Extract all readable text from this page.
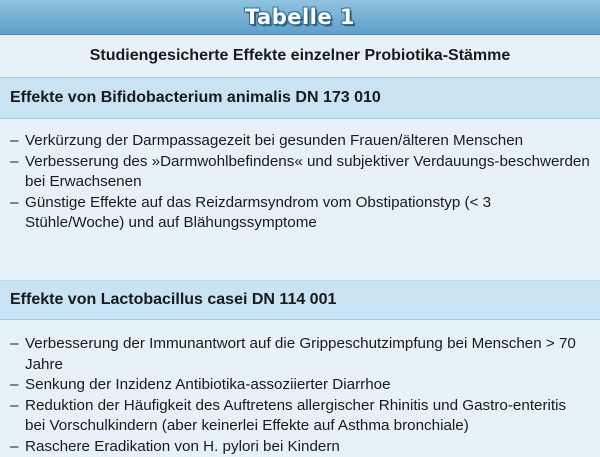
Tabelle 1
Studiengesicherte Effekte einzelner Probiotika-Stämme
Effekte von Bifidobacterium animalis DN 173 010
– Verkürzung der Darmpassagezeit bei gesunden Frauen/älteren Menschen
– Verbesserung des »Darmwohlbefindens« und subjektiver Verdauungs-beschwerden bei Erwachsenen
– Günstige Effekte auf das Reizdarmsyndrom vom Obstipationstyp (< 3 Stühle/Woche) und auf Blähungssymptome
Effekte von Lactobacillus casei DN 114 001
– Verbesserung der Immunantwort auf die Grippeschutzimpfung bei Menschen > 70 Jahre
– Senkung der Inzidenz Antibiotika-assoziierter Diarrhoe
– Reduktion der Häufigkeit des Auftretens allergischer Rhinitis und Gastro-enteritis bei Vorschulkindern (aber keinerlei Effekte auf Asthma bronchiale)
– Raschere Eradikation von H. pylori bei Kindern
